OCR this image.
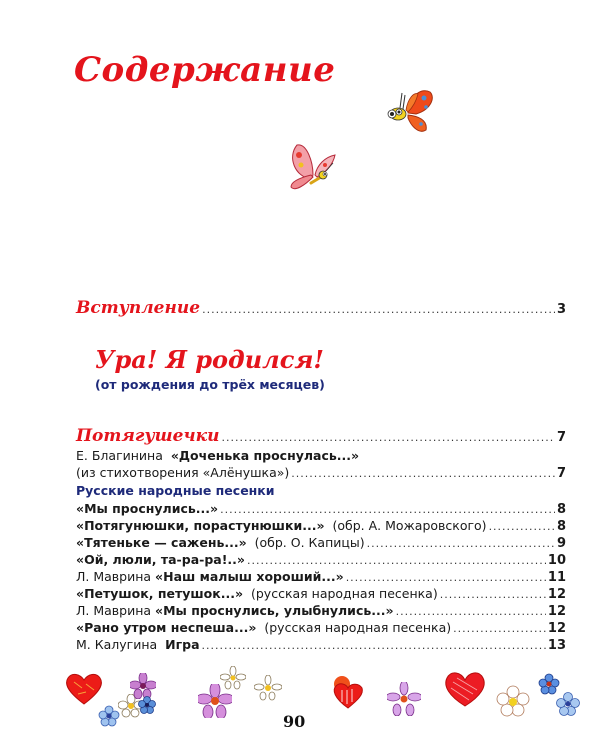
Содержание
Вступление .....	3
Ура! Я родился!
(от рождения до трёх месяцев)
Потягушечки .....	7
Е. Благинина «Доченька проснулась...»
(из стихотворения «Алёнушка») .....	7
Русские народные песенки
«Мы проснулись...» .....	8
«Потягунюшки, порастунюшки...» (обр. А. Можаровского) .....	8
«Тятеньке — сажень...» (обр. О. Капицы) .....	9
«Ой, люли, та-ра-ра!..» .....	10
Л. Маврина «Наш малыш хороший...» .....	11
«Петушок, петушок...» (русская народная песенка) .....	12
Л. Маврина «Мы проснулись, улыбнулись...» .....	12
«Рано утром неспеша...» (русская народная песенка) .....	12
М. Калугина Игра .....	13
90
